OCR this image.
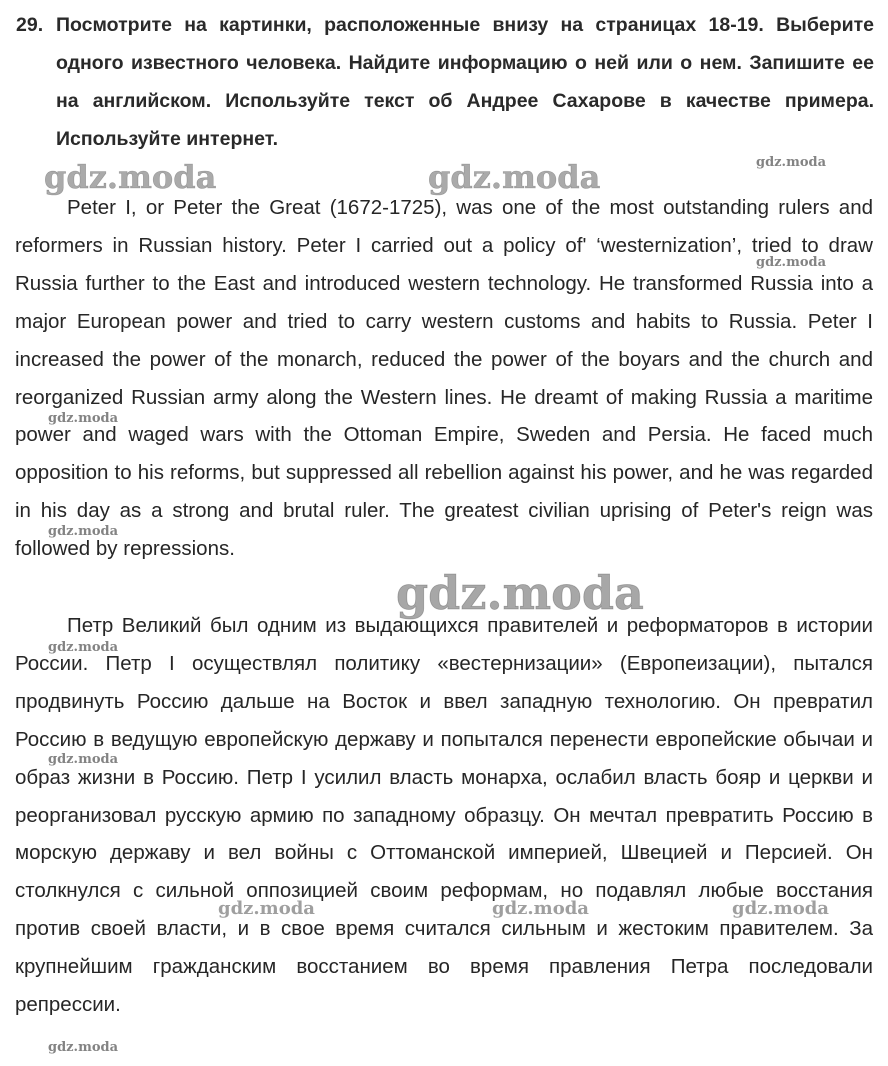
29. Посмотрите на картинки, расположенные внизу на страницах 18-19. Выберите одного известного человека. Найдите информацию о ней или о нем. Запишите ее на английском. Используйте текст об Андрее Сахарове в качестве примера. Используйте интернет.

Peter I, or Peter the Great (1672-1725), was one of the most outstanding rulers and reformers in Russian history. Peter I carried out a policy of' ‘westernization’, tried to draw Russia further to the East and introduced western technology. He transformed Russia into a major European power and tried to carry western customs and habits to Russia. Peter I increased the power of the monarch, reduced the power of the boyars and the church and reorganized Russian army along the Western lines. He dreamt of making Russia a maritime power and waged wars with the Ottoman Empire, Sweden and Persia. He faced much opposition to his reforms, but suppressed all rebellion against his power, and he was regarded in his day as a strong and brutal ruler. The greatest civilian uprising of Peter's reign was followed by repressions.

Петр Великий был одним из выдающихся правителей и реформаторов в истории России. Петр I осуществлял политику «вестернизации» (Европеизации), пытался продвинуть Россию дальше на Восток и ввел западную технологию. Он превратил Россию в ведущую европейскую державу и попытался перенести европейские обычаи и образ жизни в Россию. Петр I усилил власть монарха, ослабил власть бояр и церкви и реорганизовал русскую армию по западному образцу. Он мечтал превратить Россию в морскую державу и вел войны с Оттоманской империей, Швецией и Персией. Он столкнулся с сильной оппозицией своим реформам, но подавлял любые восстания против своей власти, и в свое время считался сильным и жестоким правителем. За крупнейшим гражданским восстанием во время правления Петра последовали репрессии.

gdz.moda	gdz.moda	gdz.moda
gdz.moda
gdz.moda
gdz.moda
gdz.moda
gdz.moda
gdz.moda
gdz.moda	gdz.moda	gdz.moda
gdz.moda
